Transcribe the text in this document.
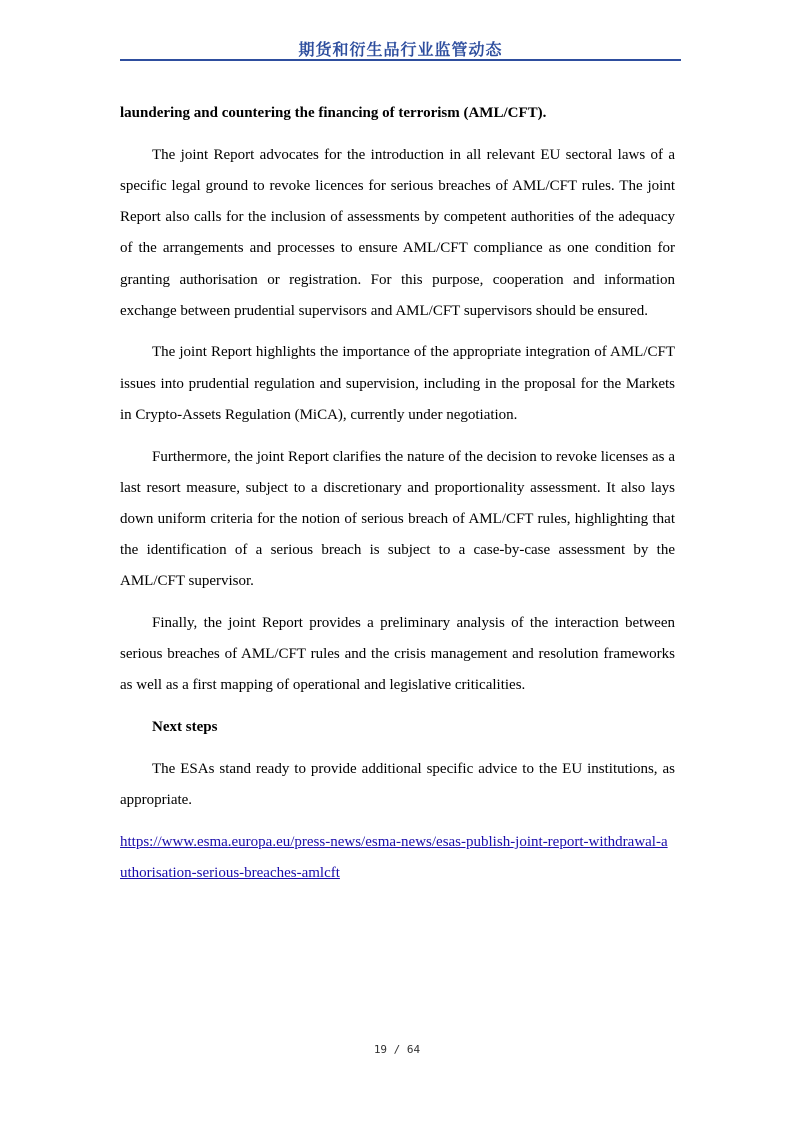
期货和衍生品行业监管动态

laundering and countering the financing of terrorism (AML/CFT).

The joint Report advocates for the introduction in all relevant EU sectoral laws of a specific legal ground to revoke licences for serious breaches of AML/CFT rules. The joint Report also calls for the inclusion of assessments by competent authorities of the adequacy of the arrangements and processes to ensure AML/CFT compliance as one condition for granting authorisation or registration. For this purpose, cooperation and information exchange between prudential supervisors and AML/CFT supervisors should be ensured.

The joint Report highlights the importance of the appropriate integration of AML/CFT issues into prudential regulation and supervision, including in the proposal for the Markets in Crypto-Assets Regulation (MiCA), currently under negotiation.

Furthermore, the joint Report clarifies the nature of the decision to revoke licenses as a last resort measure, subject to a discretionary and proportionality assessment. It also lays down uniform criteria for the notion of serious breach of AML/CFT rules, highlighting that the identification of a serious breach is subject to a case-by-case assessment by the AML/CFT supervisor.

Finally, the joint Report provides a preliminary analysis of the interaction between serious breaches of AML/CFT rules and the crisis management and resolution frameworks as well as a first mapping of operational and legislative criticalities.

Next steps

The ESAs stand ready to provide additional specific advice to the EU institutions, as appropriate.

https://www.esma.europa.eu/press-news/esma-news/esas-publish-joint-report-withdrawal-authorisation-serious-breaches-amlcft

19 / 64
